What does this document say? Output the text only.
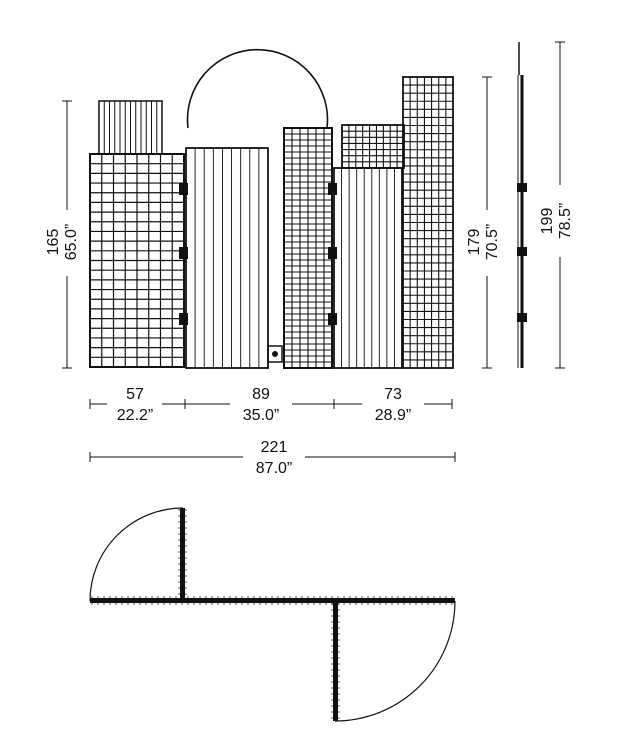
165 65.0”	179 70.5”
199 78.5”
57
22.2”
89
35.0”
73
28.9”
221
87.0”
